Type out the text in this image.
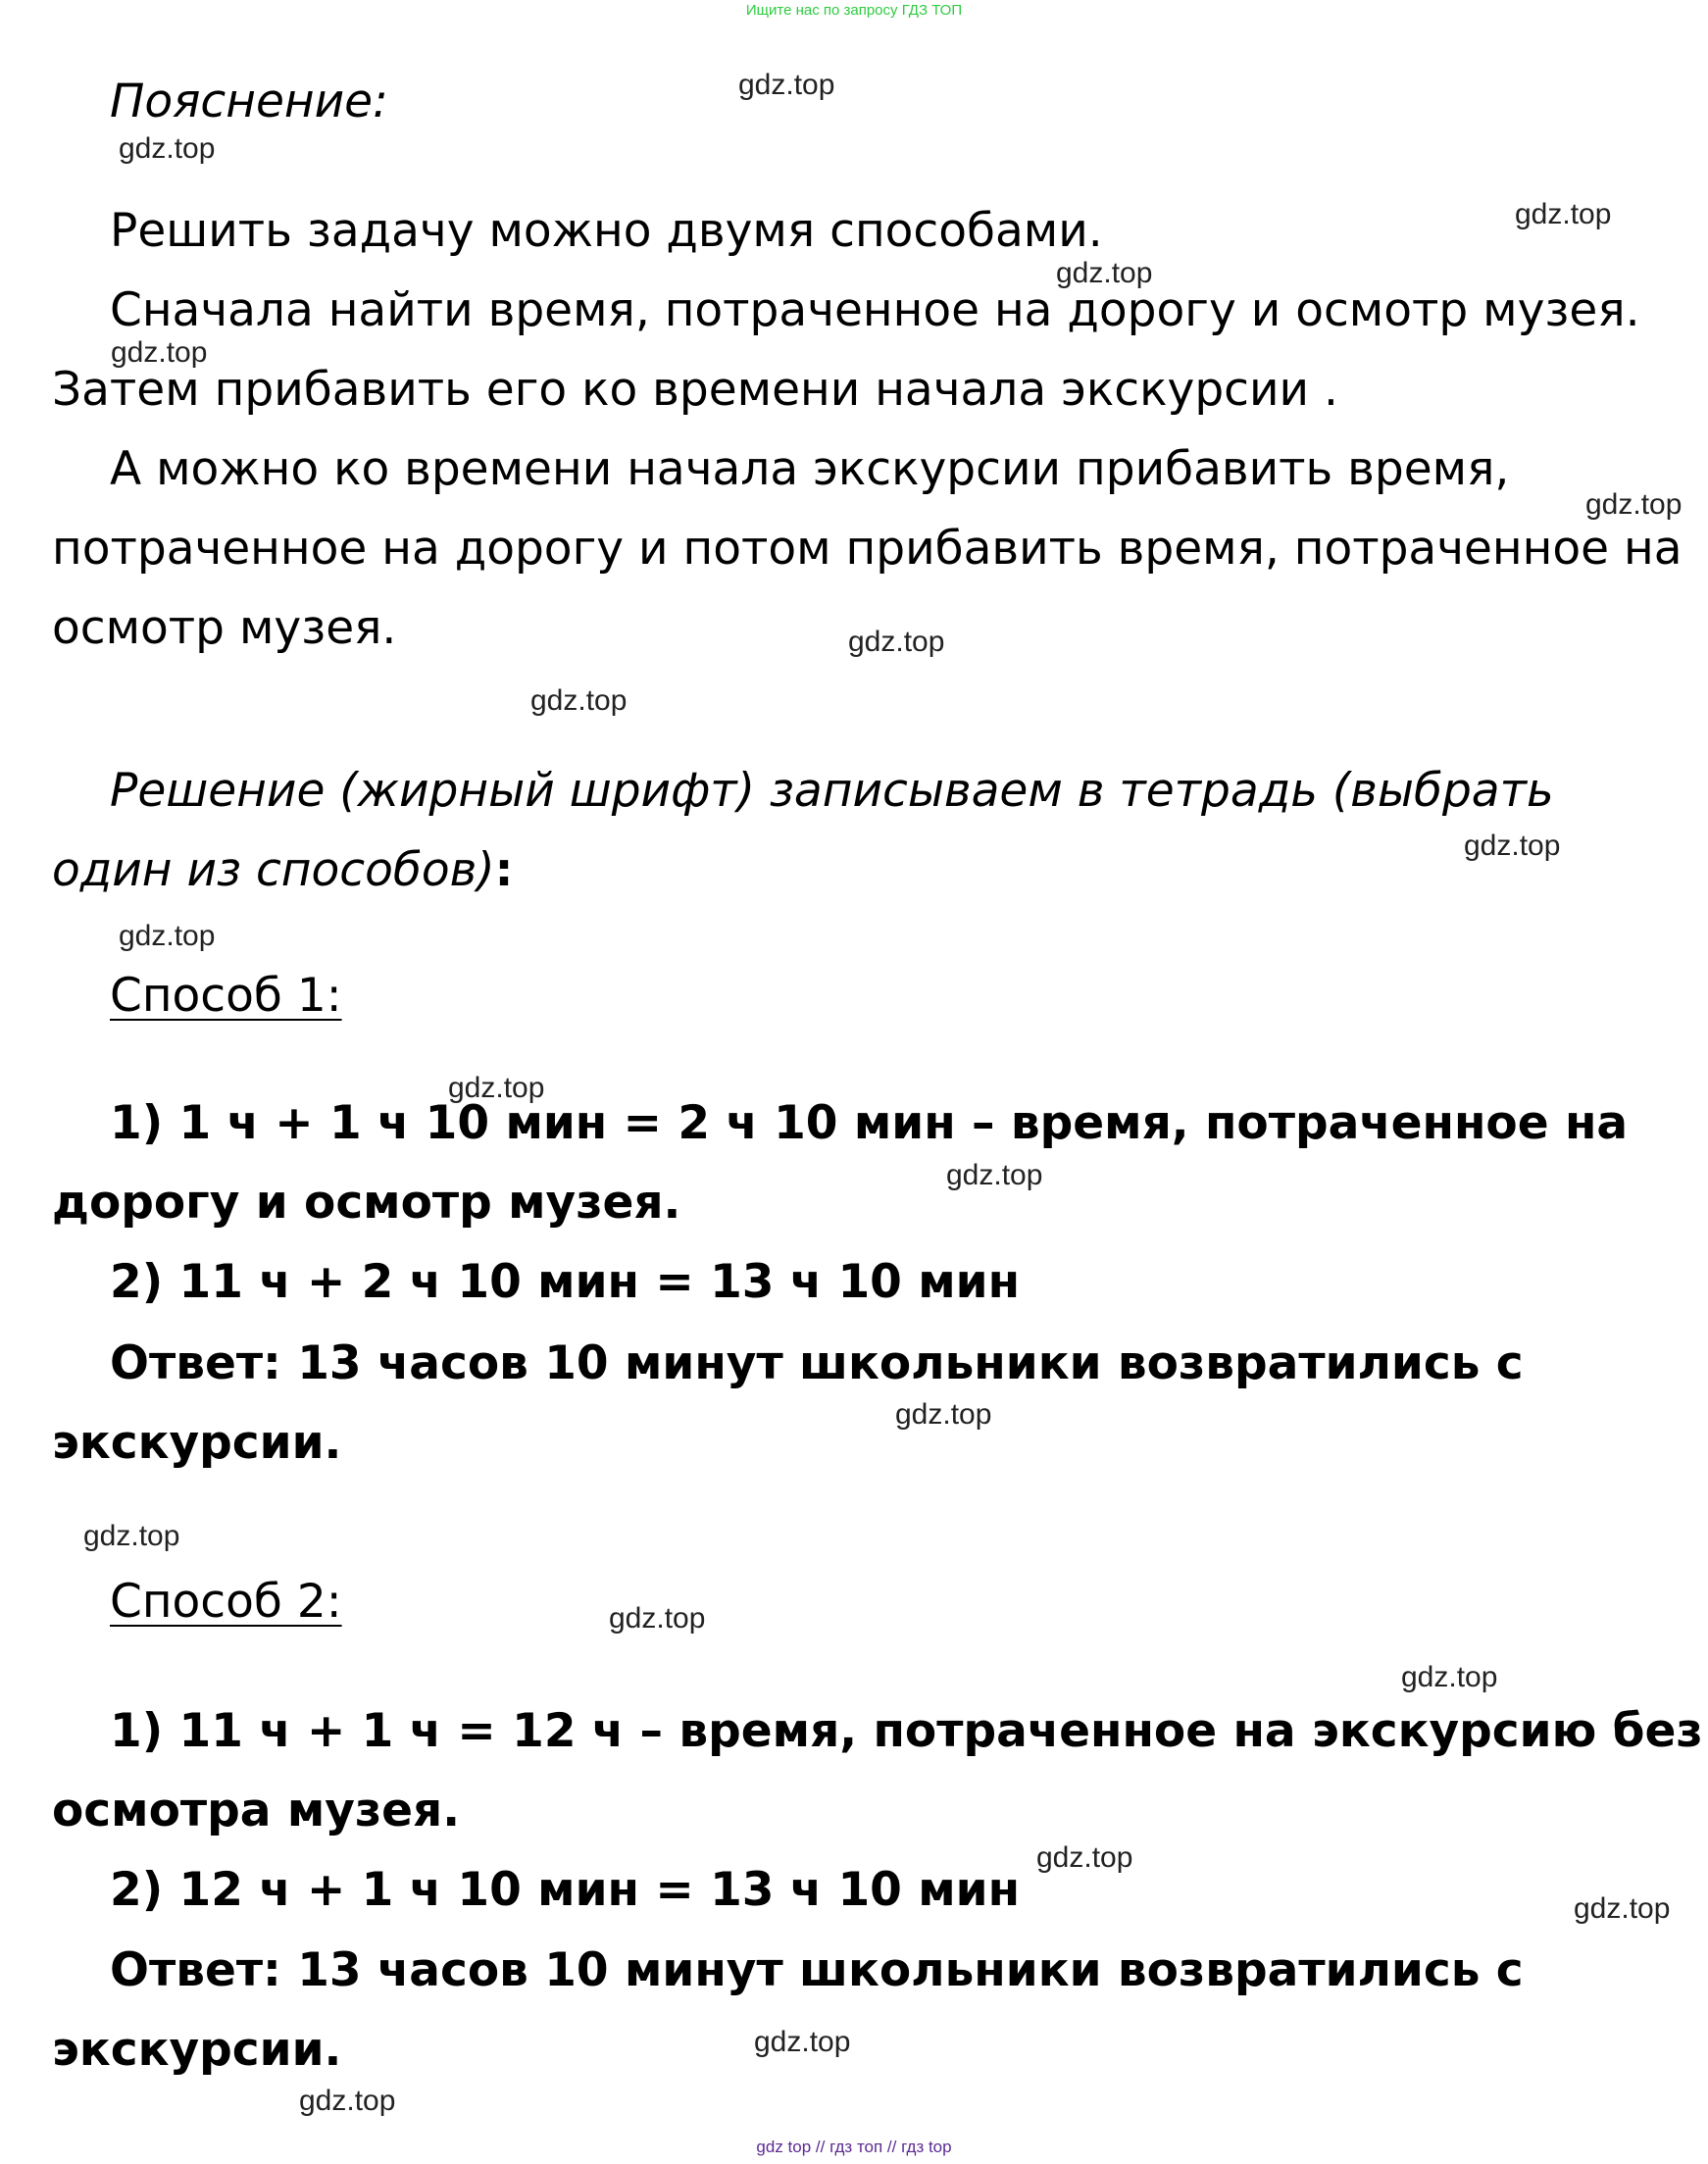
Ищите нас по запросу ГДЗ ТОП
Пояснение:
Решить задачу можно двумя способами.
Сначала найти время, потраченное на дорогу и осмотр музея.
Затем прибавить его ко времени начала экскурсии .
А можно ко времени начала экскурсии прибавить время,
потраченное на дорогу и потом прибавить время, потраченное на
осмотр музея.
Решение (жирный шрифт) записываем в тетрадь (выбрать
один из способов):
Способ 1:
1) 1 ч + 1 ч 10 мин = 2 ч 10 мин – время, потраченное на
дорогу и осмотр музея.
2) 11 ч + 2 ч 10 мин = 13 ч 10 мин
Ответ: 13 часов 10 минут школьники возвратились с
экскурсии.
Способ 2:
1) 11 ч + 1 ч = 12 ч – время, потраченное на экскурсию без
осмотра музея.
2) 12 ч + 1 ч 10 мин = 13 ч 10 мин
Ответ: 13 часов 10 минут школьники возвратились с
экскурсии.
gdz.top
gdz.top
gdz.top
gdz.top
gdz.top
gdz.top
gdz.top
gdz.top
gdz.top
gdz.top
gdz.top
gdz.top
gdz.top
gdz.top
gdz.top
gdz.top
gdz.top
gdz.top
gdz.top
gdz.top
gdz top // гдз топ // гдз top
